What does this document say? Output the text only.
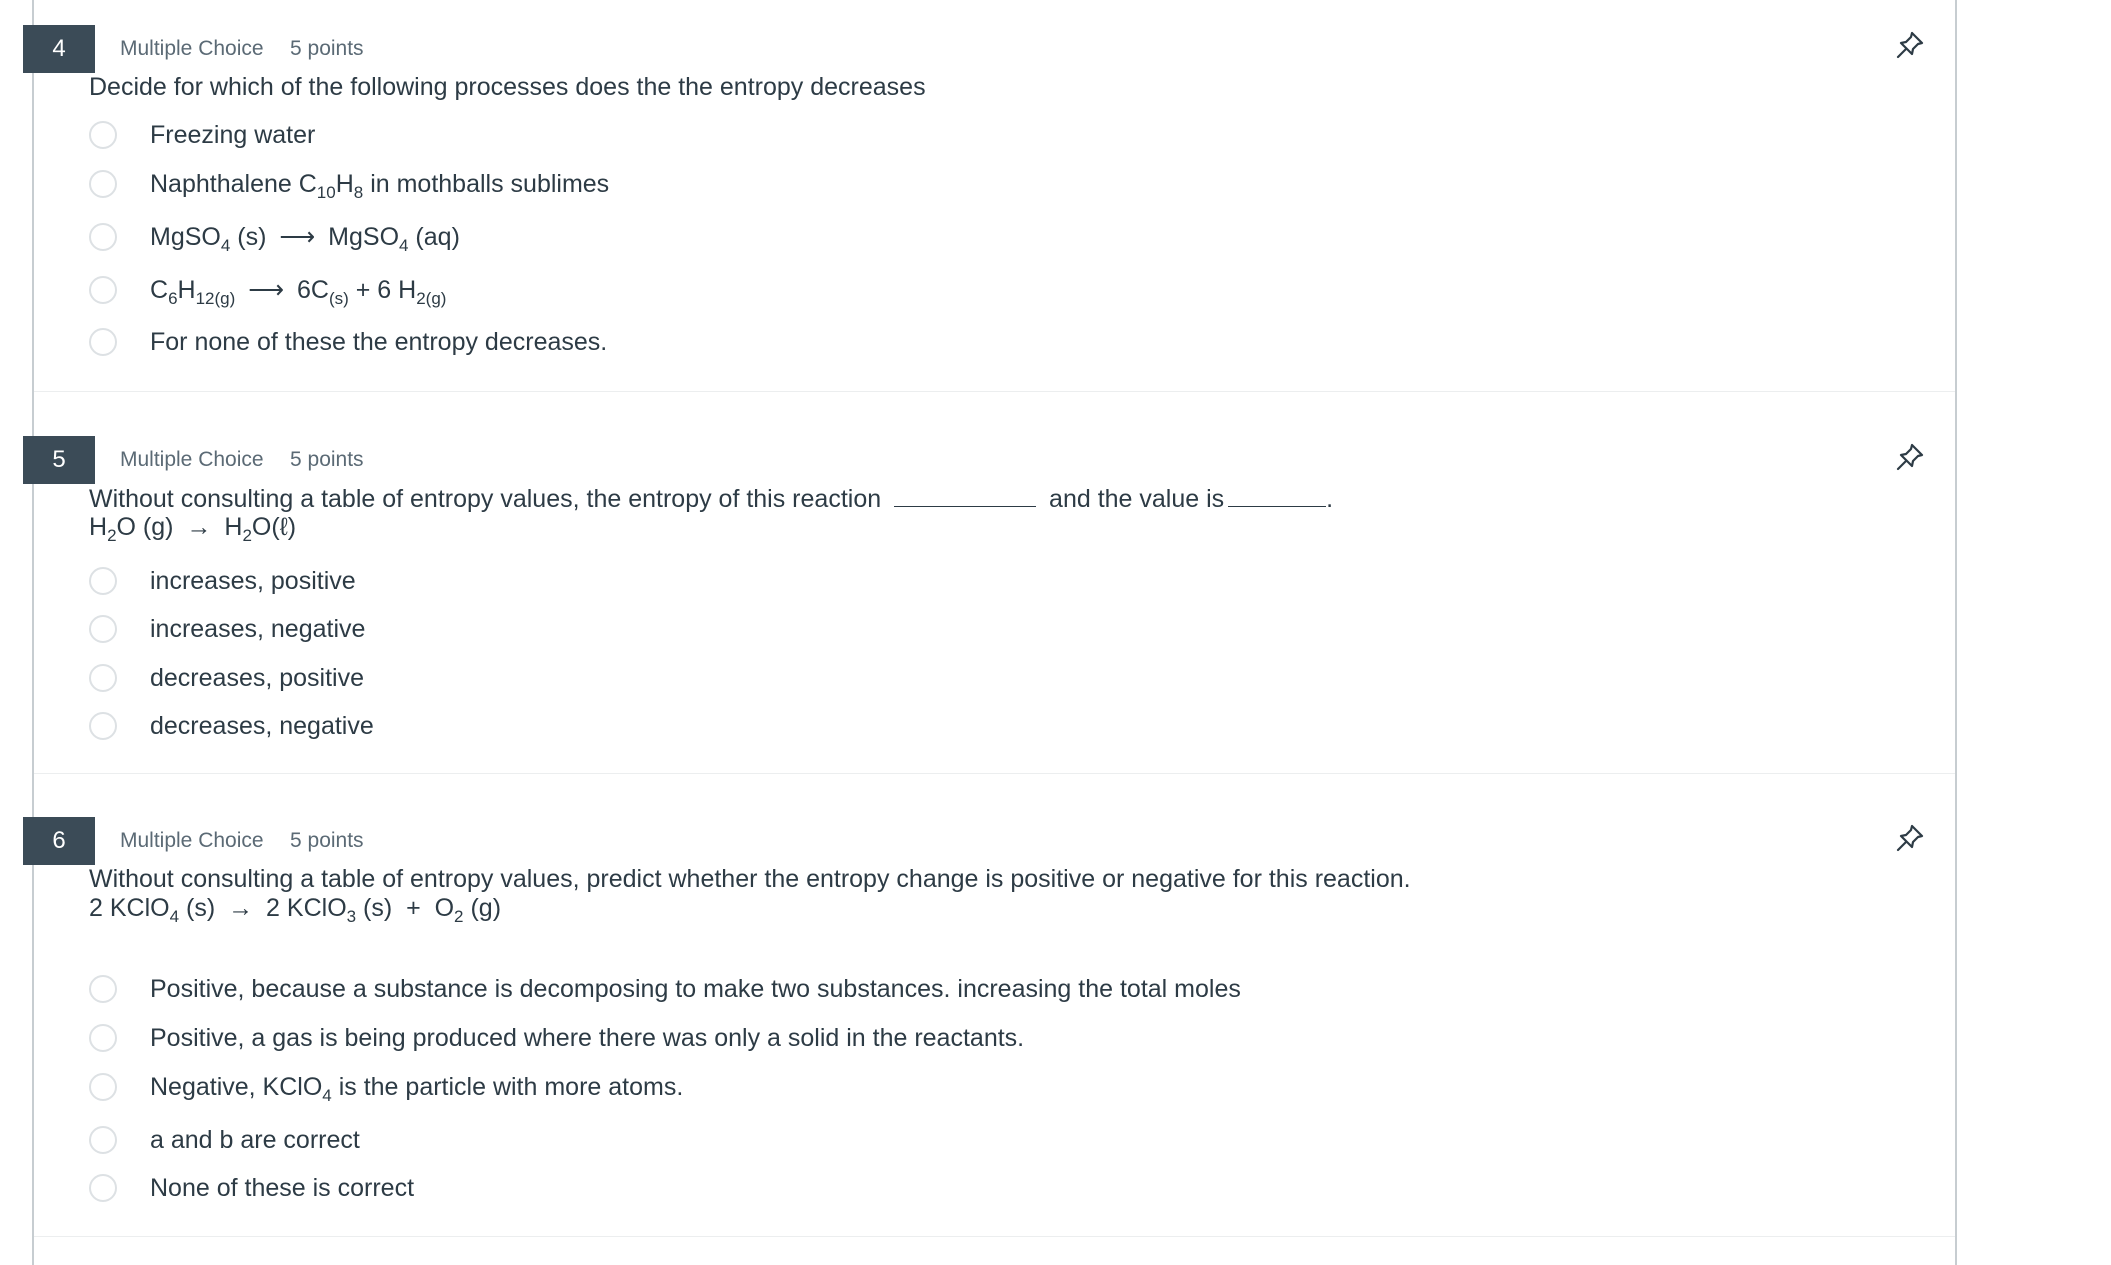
4	Multiple Choice 5 points
Decide for which of the following processes does the the entropy decreases
Freezing water
Naphthalene $C_{10}H_8$ in mothballs sublimes
MgSO$_4$ (s) ⟶ MgSO$_4$ (aq)
$C_6H_{12(g)}$ ⟶ $6C_{(s)} + 6$ $H_{2(g)}$
For none of these the entropy decreases.
5	Multiple Choice 5 points
Without consulting a table of entropy values, the entropy of this reaction	and the value is	.
$H_2O$ $(g) \to H_2O(\ell)$
increases, positive
increases, negative
decreases, positive
decreases, negative
6	Multiple Choice 5 points
Without consulting a table of entropy values, predict whether the entropy change is positive or negative for this reaction.
2 KClO$_4$ (s) → 2 KClO$_3$ $(s) + O_2$ (g)
Positive, because a substance is decomposing to make two substances. increasing the total moles
Positive, a gas is being produced where there was only a solid in the reactants.
Negative, KClO$_4$ is the particle with more atoms.
a and b are correct
None of these is correct
